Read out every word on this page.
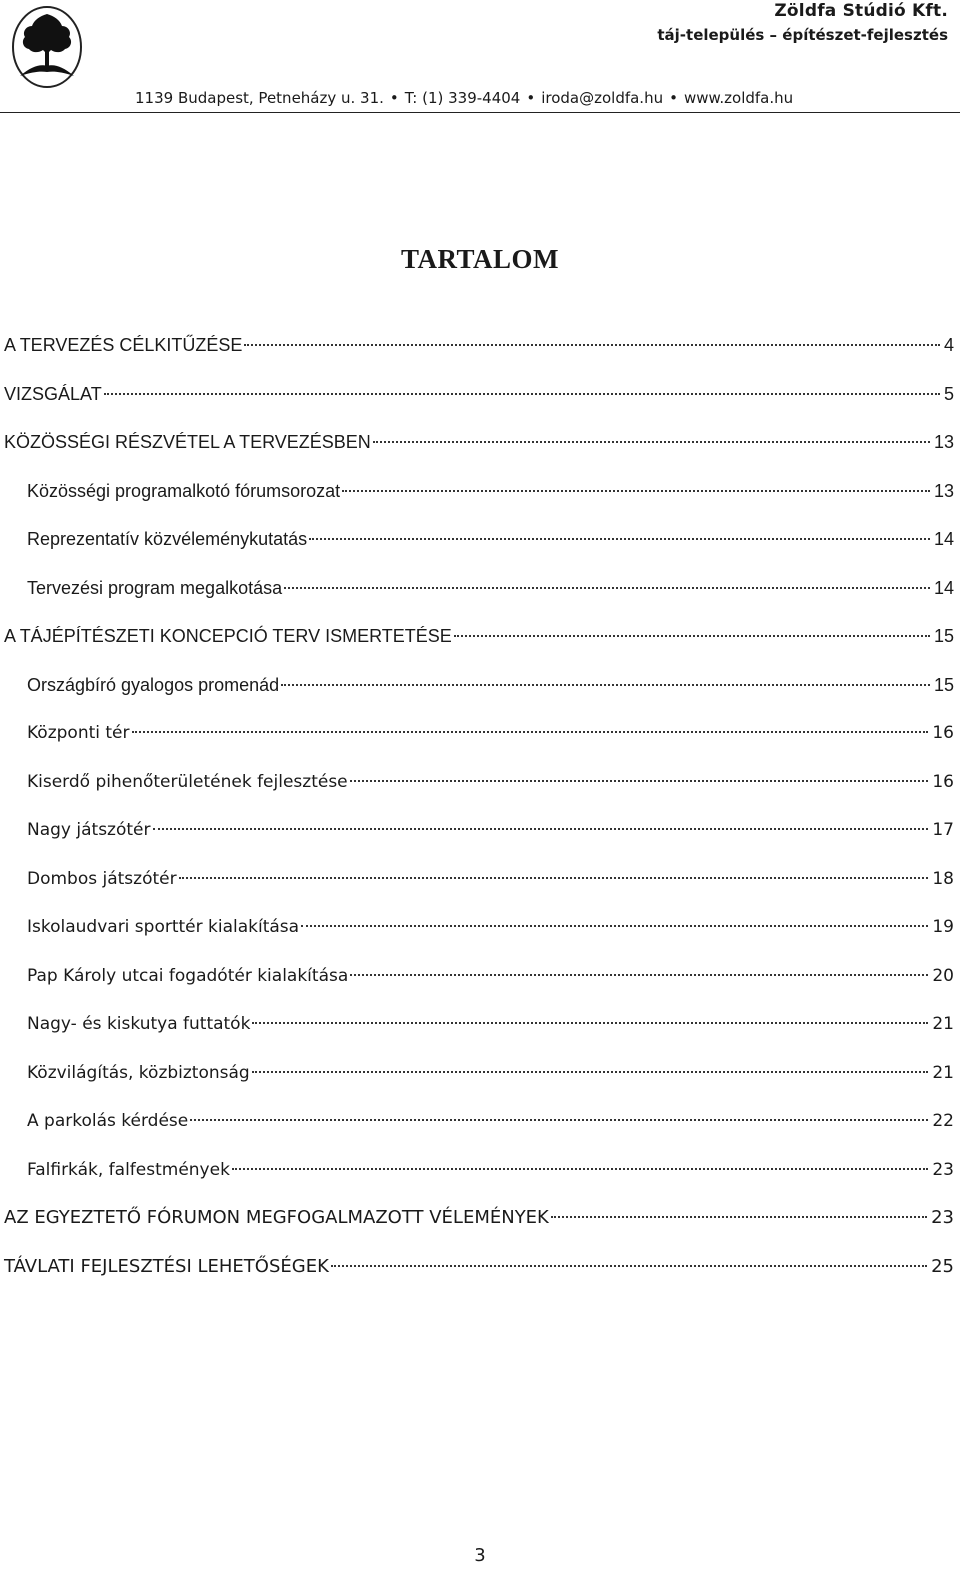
Zöldfa Stúdió Kft.
táj-település – építészet-fejlesztés
1139 Budapest, Petneházy u. 31. • T: (1) 339-4404 • iroda@zoldfa.hu • www.zoldfa.hu
TARTALOM
A TERVEZÉS CÉLKITŰZÉSE	4
VIZSGÁLAT	5
KÖZÖSSÉGI RÉSZVÉTEL A TERVEZÉSBEN	13
Közösségi programalkotó fórumsorozat	13
Reprezentatív közvéleménykutatás	14
Tervezési program megalkotása	14
A TÁJÉPÍTÉSZETI KONCEPCIÓ TERV ISMERTETÉSE	15
Országbíró gyalogos promenád	15
Központi tér	16
Kiserdő pihenőterületének fejlesztése	16
Nagy játszótér	17
Dombos játszótér	18
Iskolaudvari sporttér kialakítása	19
Pap Károly utcai fogadótér kialakítása	20
Nagy- és kiskutya futtatók	21
Közvilágítás, közbiztonság	21
A parkolás kérdése	22
Falfirkák, falfestmények	23
AZ EGYEZTETŐ FÓRUMON MEGFOGALMAZOTT VÉLEMÉNYEK	23
TÁVLATI FEJLESZTÉSI LEHETŐSÉGEK	25
3
